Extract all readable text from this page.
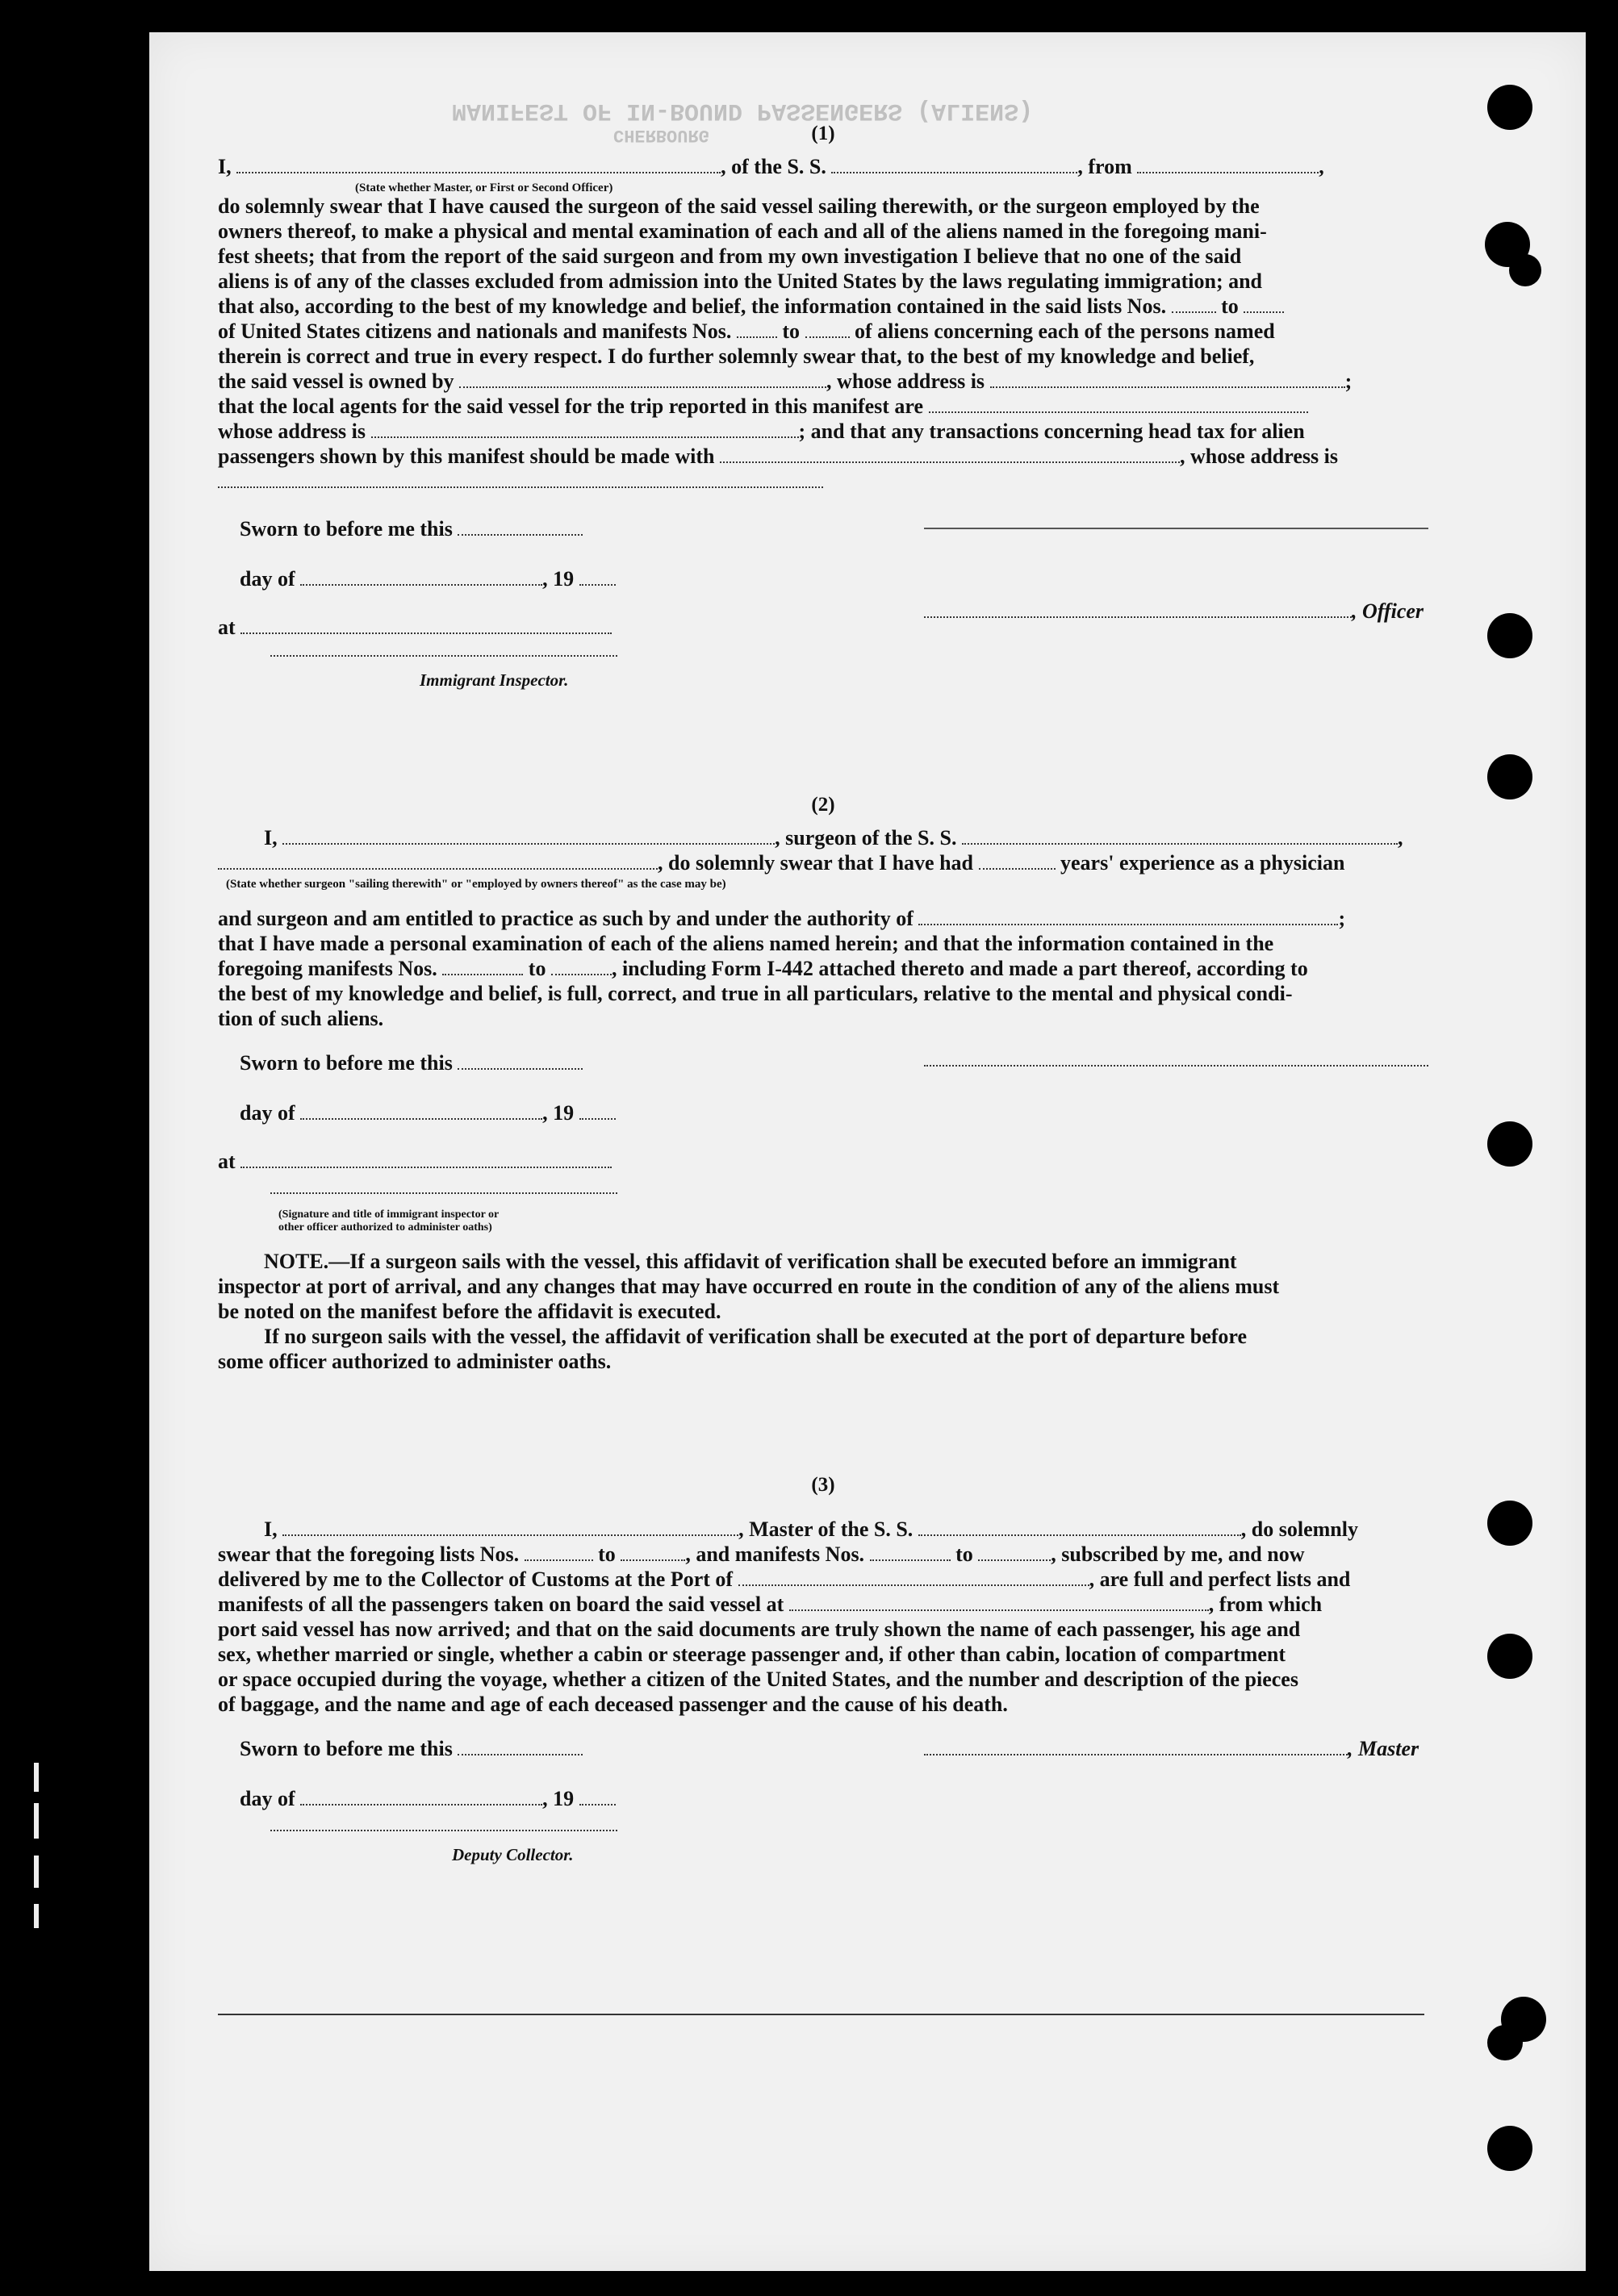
MANIFEST OF IN-BOUND PASSENGERS (ALIENS)
CHERBOURG	(1)
I,	, of the S. S.	, from	,
(State whether Master, or First or Second Officer)
do solemnly swear that I have caused the surgeon of the said vessel sailing therewith, or the surgeon employed by the
owners thereof, to make a physical and mental examination of each and all of the aliens named in the foregoing mani-
fest sheets; that from the report of the said surgeon and from my own investigation I believe that no one of the said
aliens is of any of the classes excluded from admission into the United States by the laws regulating immigration; and
that also, according to the best of my knowledge and belief, the information contained in the said lists Nos.	to
of United States citizens and nationals and manifests Nos. to	of aliens concerning each of the persons named
therein is correct and true in every respect. I do further solemnly swear that, to the best of my knowledge and belief,
the said vessel is owned by	, whose address is	;
that the local agents for the said vessel for the trip reported in this manifest are
whose address is	; and that any transactions concerning head tax for alien
passengers shown by this manifest should be made with	, whose address is
Sworn to before me this
day of	, 19
at
Immigrant Inspector.
, Officer
(2)
I,	, surgeon of the S. S.	,
, do solemnly swear that I have had	years' experience as a physician
(State whether surgeon "sailing therewith" or "employed by owners thereof" as the case may be)
and surgeon and am entitled to practice as such by and under the authority of	;
that I have made a personal examination of each of the aliens named herein; and that the information contained in the
foregoing manifests Nos.	to	, including Form I-442 attached thereto and made a part thereof, according to
the best of my knowledge and belief, is full, correct, and true in all particulars, relative to the mental and physical condi-
tion of such aliens.
Sworn to before me this
day of	, 19
at
(Signature and title of immigrant inspector or
other officer authorized to administer oaths)
NOTE.—If a surgeon sails with the vessel, this affidavit of verification shall be executed before an immigrant
inspector at port of arrival, and any changes that may have occurred en route in the condition of any of the aliens must
be noted on the manifest before the affidavit is executed.
If no surgeon sails with the vessel, the affidavit of verification shall be executed at the port of departure before
some officer authorized to administer oaths.
(3)
I,	, Master of the S. S.	, do solemnly
swear that the foregoing lists Nos.	to	, and manifests Nos.	to	, subscribed by me, and now
delivered by me to the Collector of Customs at the Port of	, are full and perfect lists and
manifests of all the passengers taken on board the said vessel at	, from which
port said vessel has now arrived; and that on the said documents are truly shown the name of each passenger, his age and
sex, whether married or single, whether a cabin or steerage passenger and, if other than cabin, location of compartment
or space occupied during the voyage, whether a citizen of the United States, and the number and description of the pieces
of baggage, and the name and age of each deceased passenger and the cause of his death.
Sworn to before me this	, Master
day of	, 19
Deputy Collector.
